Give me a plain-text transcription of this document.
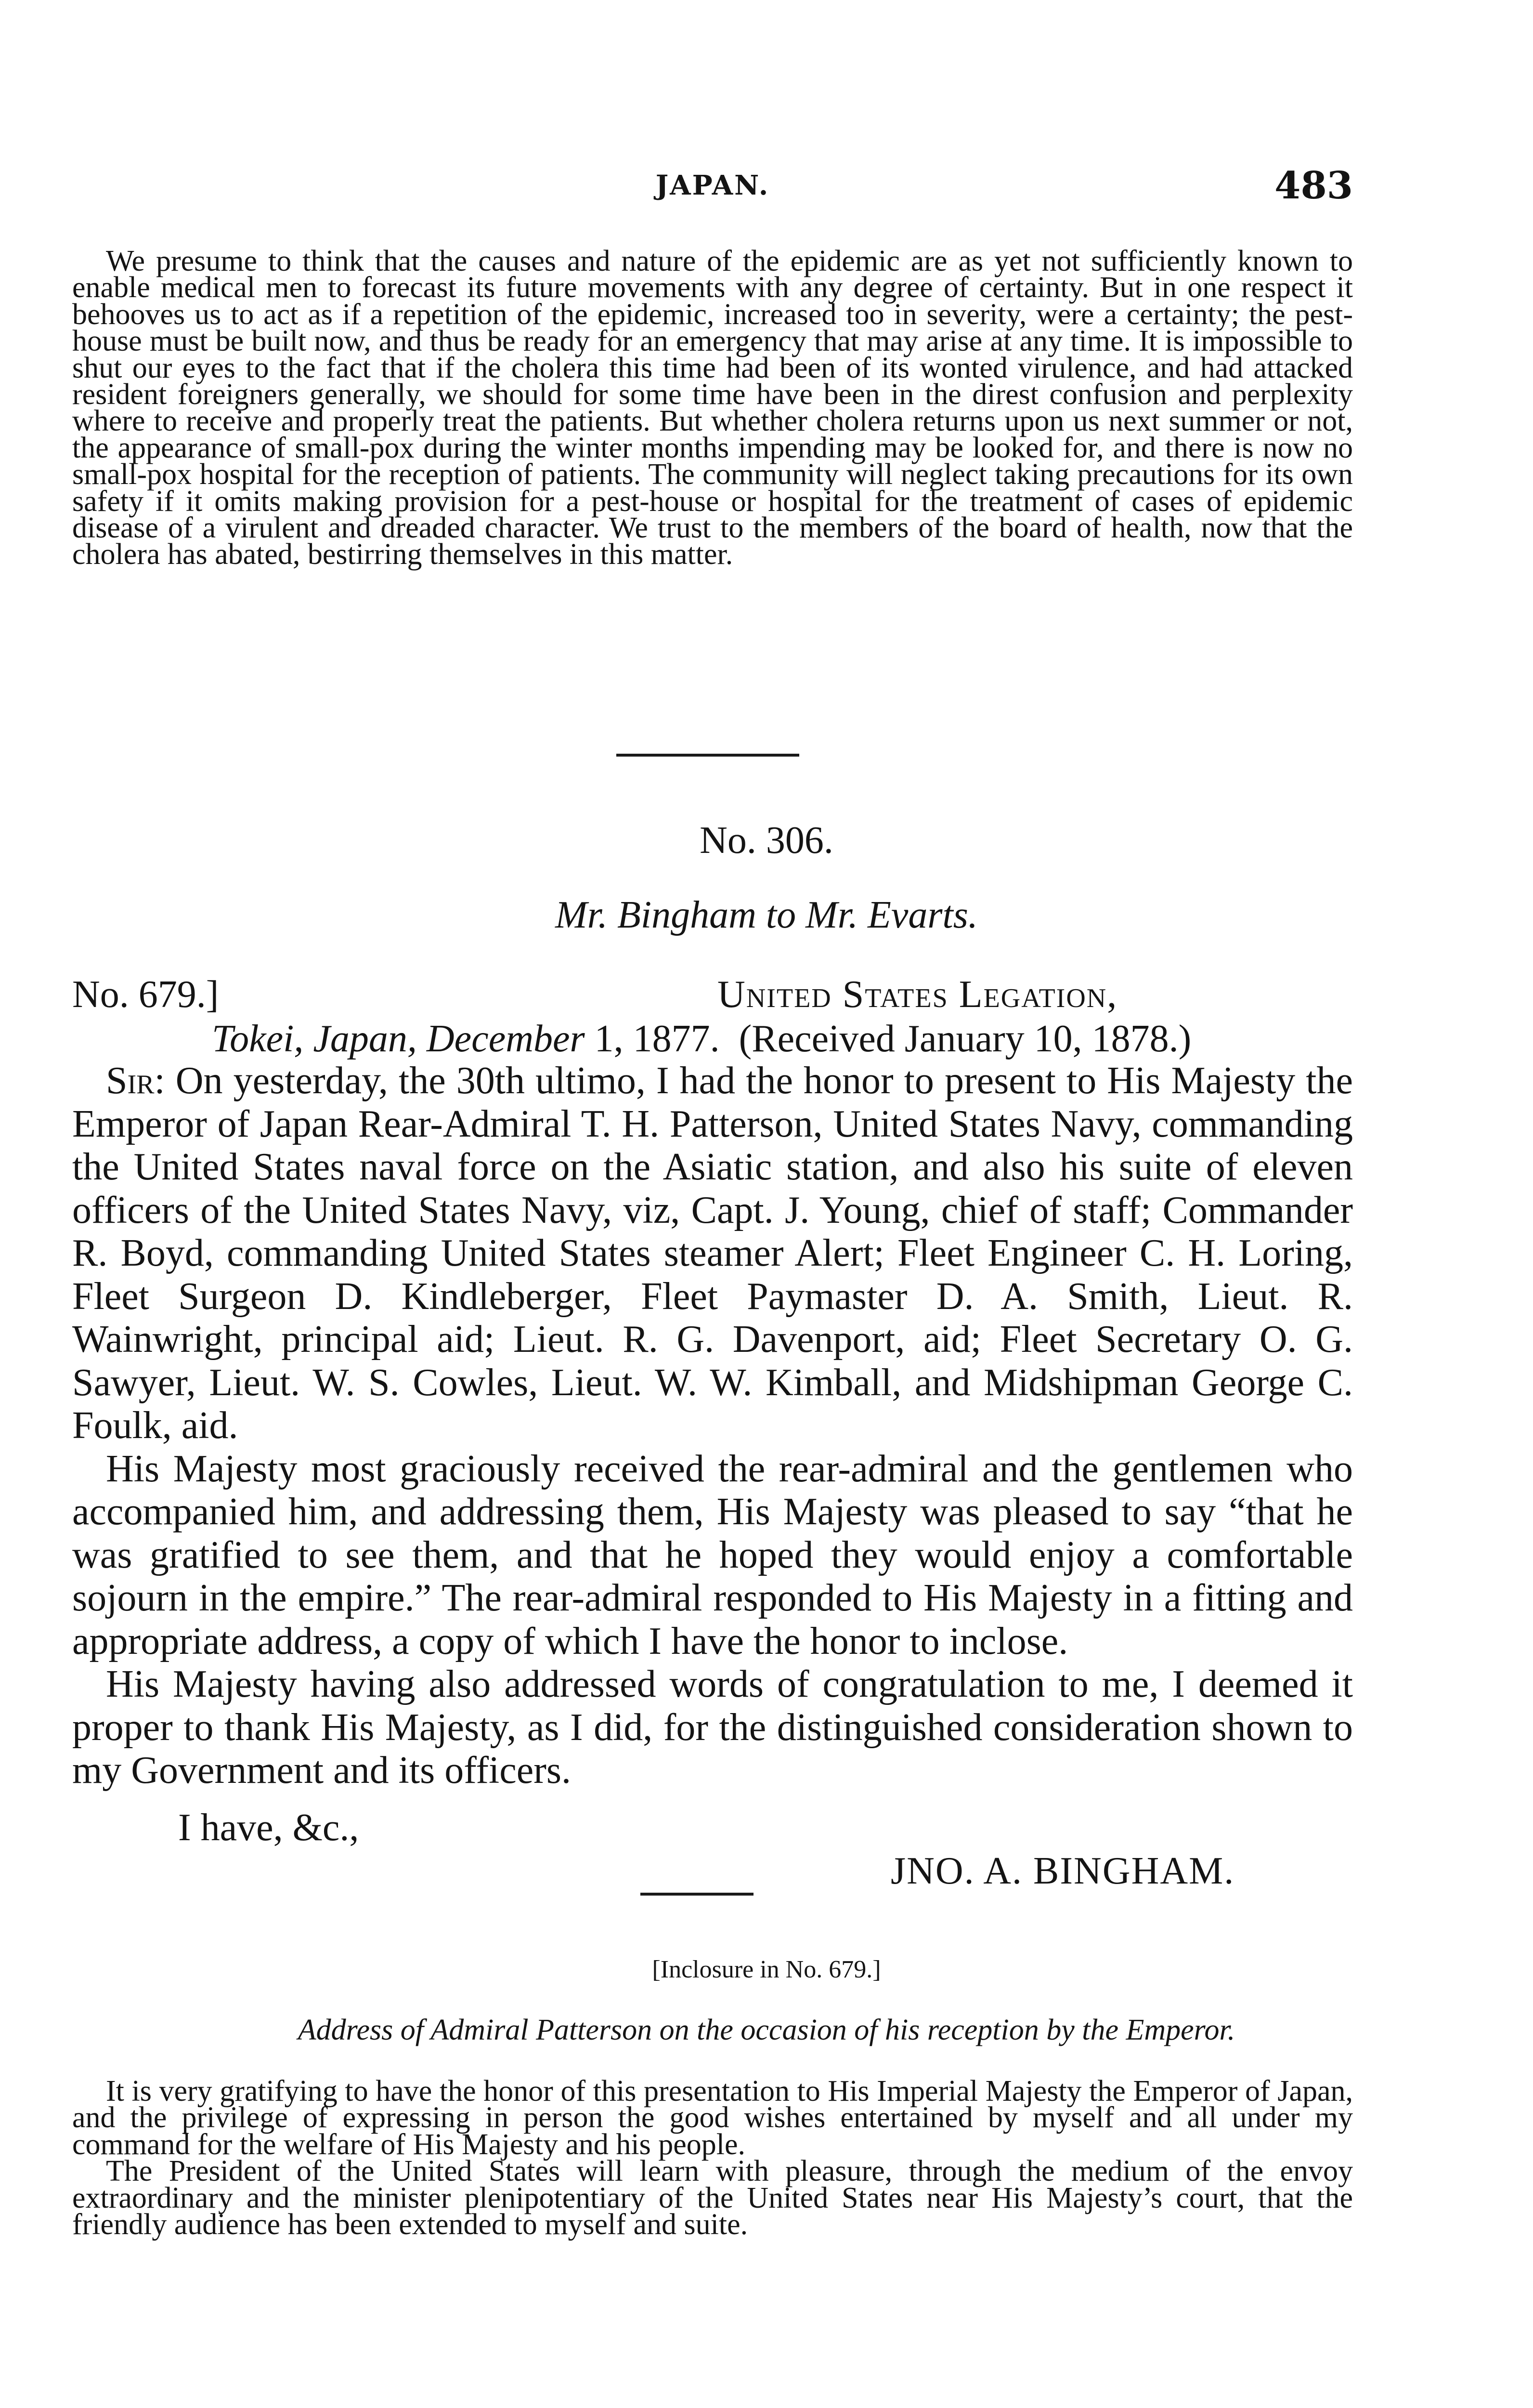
JAPAN.	483

We presume to think that the causes and nature of the epidemic are as yet not sufficiently known to enable medical men to forecast its future movements with any degree of certainty. But in one respect it behooves us to act as if a repetition of the epidemic, increased too in severity, were a certainty; the pest-house must be built now, and thus be ready for an emergency that may arise at any time. It is impossible to shut our eyes to the fact that if the cholera this time had been of its wonted virulence, and had attacked resident foreigners generally, we should for some time have been in the direst confusion and perplexity where to receive and properly treat the patients. But whether cholera returns upon us next summer or not, the appearance of small-pox during the winter months impending may be looked for, and there is now no small-pox hospital for the reception of patients. The community will neglect taking precautions for its own safety if it omits making provision for a pest-house or hospital for the treatment of cases of epidemic disease of a virulent and dreaded character. We trust to the members of the board of health, now that the cholera has abated, bestirring themselves in this matter.

No. 306.
Mr. Bingham to Mr. Evarts.
No. 679.]	United States Legation,
Tokei, Japan, December 1, 1877. (Received January 10, 1878.)

Sir: On yesterday, the 30th ultimo, I had the honor to present to His Majesty the Emperor of Japan Rear-Admiral T. H. Patterson, United States Navy, commanding the United States naval force on the Asiatic station, and also his suite of eleven officers of the United States Navy, viz, Capt. J. Young, chief of staff; Commander R. Boyd, commanding United States steamer Alert; Fleet Engineer C. H. Loring, Fleet Surgeon D. Kindleberger, Fleet Paymaster D. A. Smith, Lieut. R. Wainwright, principal aid; Lieut. R. G. Davenport, aid; Fleet Secretary O. G. Sawyer, Lieut. W. S. Cowles, Lieut. W. W. Kimball, and Midshipman George C. Foulk, aid.

His Majesty most graciously received the rear-admiral and the gentlemen who accompanied him, and addressing them, His Majesty was pleased to say “that he was gratified to see them, and that he hoped they would enjoy a comfortable sojourn in the empire.” The rear-admiral responded to His Majesty in a fitting and appropriate address, a copy of which I have the honor to inclose.

His Majesty having also addressed words of congratulation to me, I deemed it proper to thank His Majesty, as I did, for the distinguished consideration shown to my Government and its officers.

I have, &c.,
JNO. A. BINGHAM.
[Inclosure in No. 679.]
Address of Admiral Patterson on the occasion of his reception by the Emperor.

It is very gratifying to have the honor of this presentation to His Imperial Majesty the Emperor of Japan, and the privilege of expressing in person the good wishes entertained by myself and all under my command for the welfare of His Majesty and his people.

The President of the United States will learn with pleasure, through the medium of the envoy extraordinary and the minister plenipotentiary of the United States near His Majesty’s court, that the friendly audience has been extended to myself and suite.
